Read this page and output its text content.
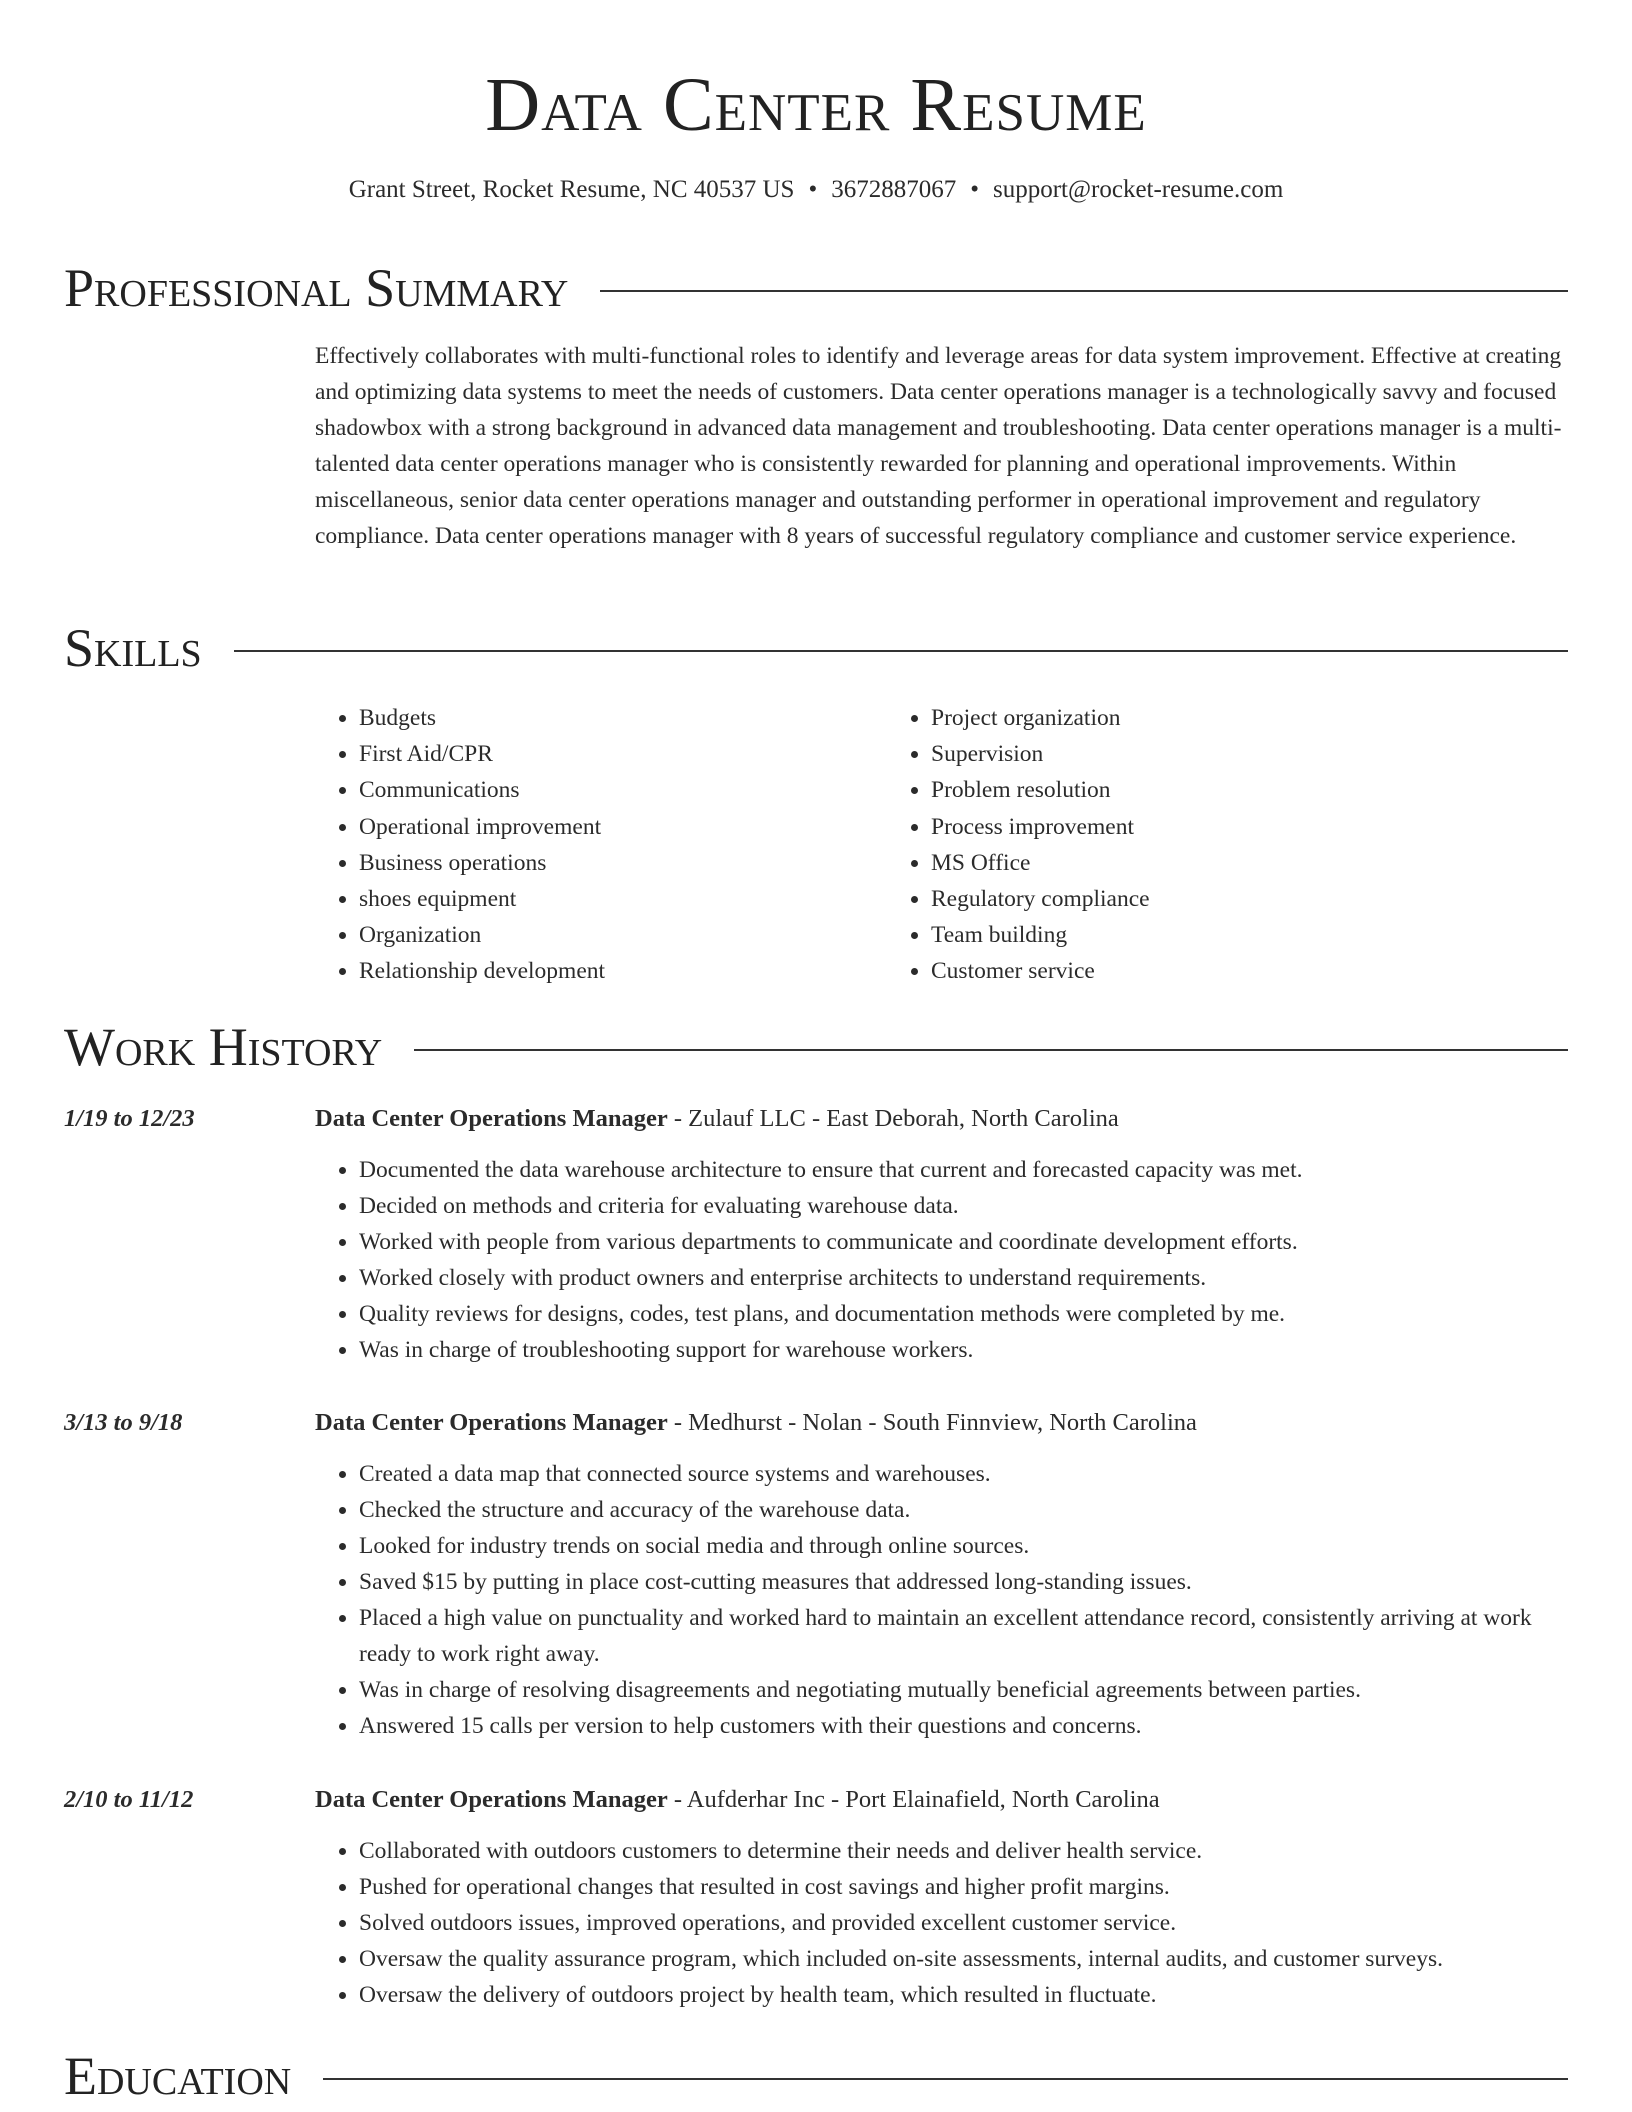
Data Center Resume
Grant Street, Rocket Resume, NC 40537 US • 3672887067 • support@rocket-resume.com
Professional Summary
Effectively collaborates with multi-functional roles to identify and leverage areas for data system improvement. Effective at creating and optimizing data systems to meet the needs of customers. Data center operations manager is a technologically savvy and focused shadowbox with a strong background in advanced data management and troubleshooting. Data center operations manager is a multi-talented data center operations manager who is consistently rewarded for planning and operational improvements. Within miscellaneous, senior data center operations manager and outstanding performer in operational improvement and regulatory compliance. Data center operations manager with 8 years of successful regulatory compliance and customer service experience.
Skills
• Budgets
• First Aid/CPR
• Communications
• Operational improvement
• Business operations
• shoes equipment
• Organization
• Relationship development
• Project organization
• Supervision
• Problem resolution
• Process improvement
• MS Office
• Regulatory compliance
• Team building
• Customer service
Work History
1/19 to 12/23	Data Center Operations Manager - Zulauf LLC - East Deborah, North Carolina
• Documented the data warehouse architecture to ensure that current and forecasted capacity was met.
• Decided on methods and criteria for evaluating warehouse data.
• Worked with people from various departments to communicate and coordinate development efforts.
• Worked closely with product owners and enterprise architects to understand requirements.
• Quality reviews for designs, codes, test plans, and documentation methods were completed by me.
• Was in charge of troubleshooting support for warehouse workers.
3/13 to 9/18	Data Center Operations Manager - Medhurst - Nolan - South Finnview, North Carolina
• Created a data map that connected source systems and warehouses.
• Checked the structure and accuracy of the warehouse data.
• Looked for industry trends on social media and through online sources.
• Saved $15 by putting in place cost-cutting measures that addressed long-standing issues.
• Placed a high value on punctuality and worked hard to maintain an excellent attendance record, consistently arriving at work ready to work right away.
• Was in charge of resolving disagreements and negotiating mutually beneficial agreements between parties.
• Answered 15 calls per version to help customers with their questions and concerns.
2/10 to 11/12	Data Center Operations Manager - Aufderhar Inc - Port Elainafield, North Carolina
• Collaborated with outdoors customers to determine their needs and deliver health service.
• Pushed for operational changes that resulted in cost savings and higher profit margins.
• Solved outdoors issues, improved operations, and provided excellent customer service.
• Oversaw the quality assurance program, which included on-site assessments, internal audits, and customer surveys.
• Oversaw the delivery of outdoors project by health team, which resulted in fluctuate.
Education
